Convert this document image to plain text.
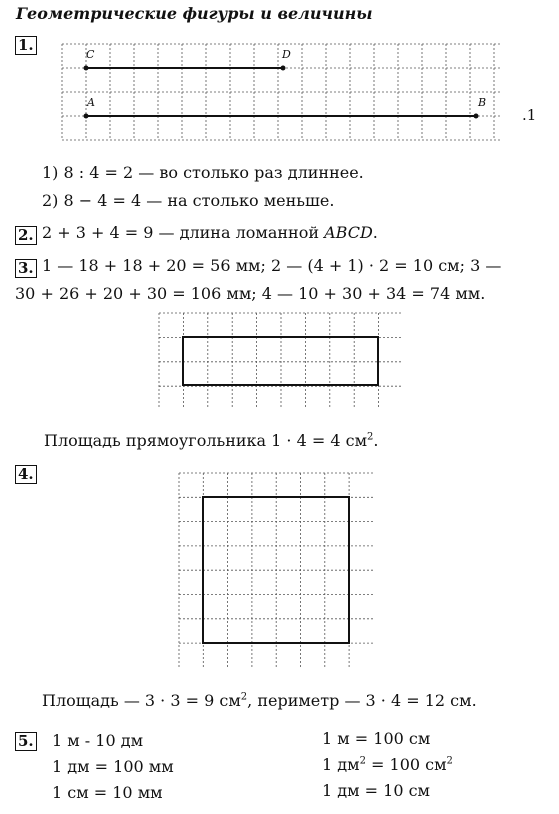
Геометрические фигуры и величины
1.
C	D
A	B
.1
1) 8 : 4 = 2 — во столько раз длиннее.
2) 8 − 4 = 4 — на столько меньше.
2. 2 + 3 + 4 = 9 — длина ломанной ABCD.
3. 1 — 18 + 18 + 20 = 56 мм; 2 — (4 + 1) · 2 = 10 см; 3 —
30 + 26 + 20 + 30 = 106 мм; 4 — 10 + 30 + 34 = 74 мм.
Площадь прямоугольника 1 · 4 = 4 $см^2$.
4.
Площадь — 3 · 3 = 9 $см^2$, периметр — 3 · 4 = 12 см.
5. 1 м - 10 дм
1 дм = 100 мм
1 см = 10 мм
1 м = 100 см
1 $дм^2 = 100$ $см^2$
1 дм = 10 см
